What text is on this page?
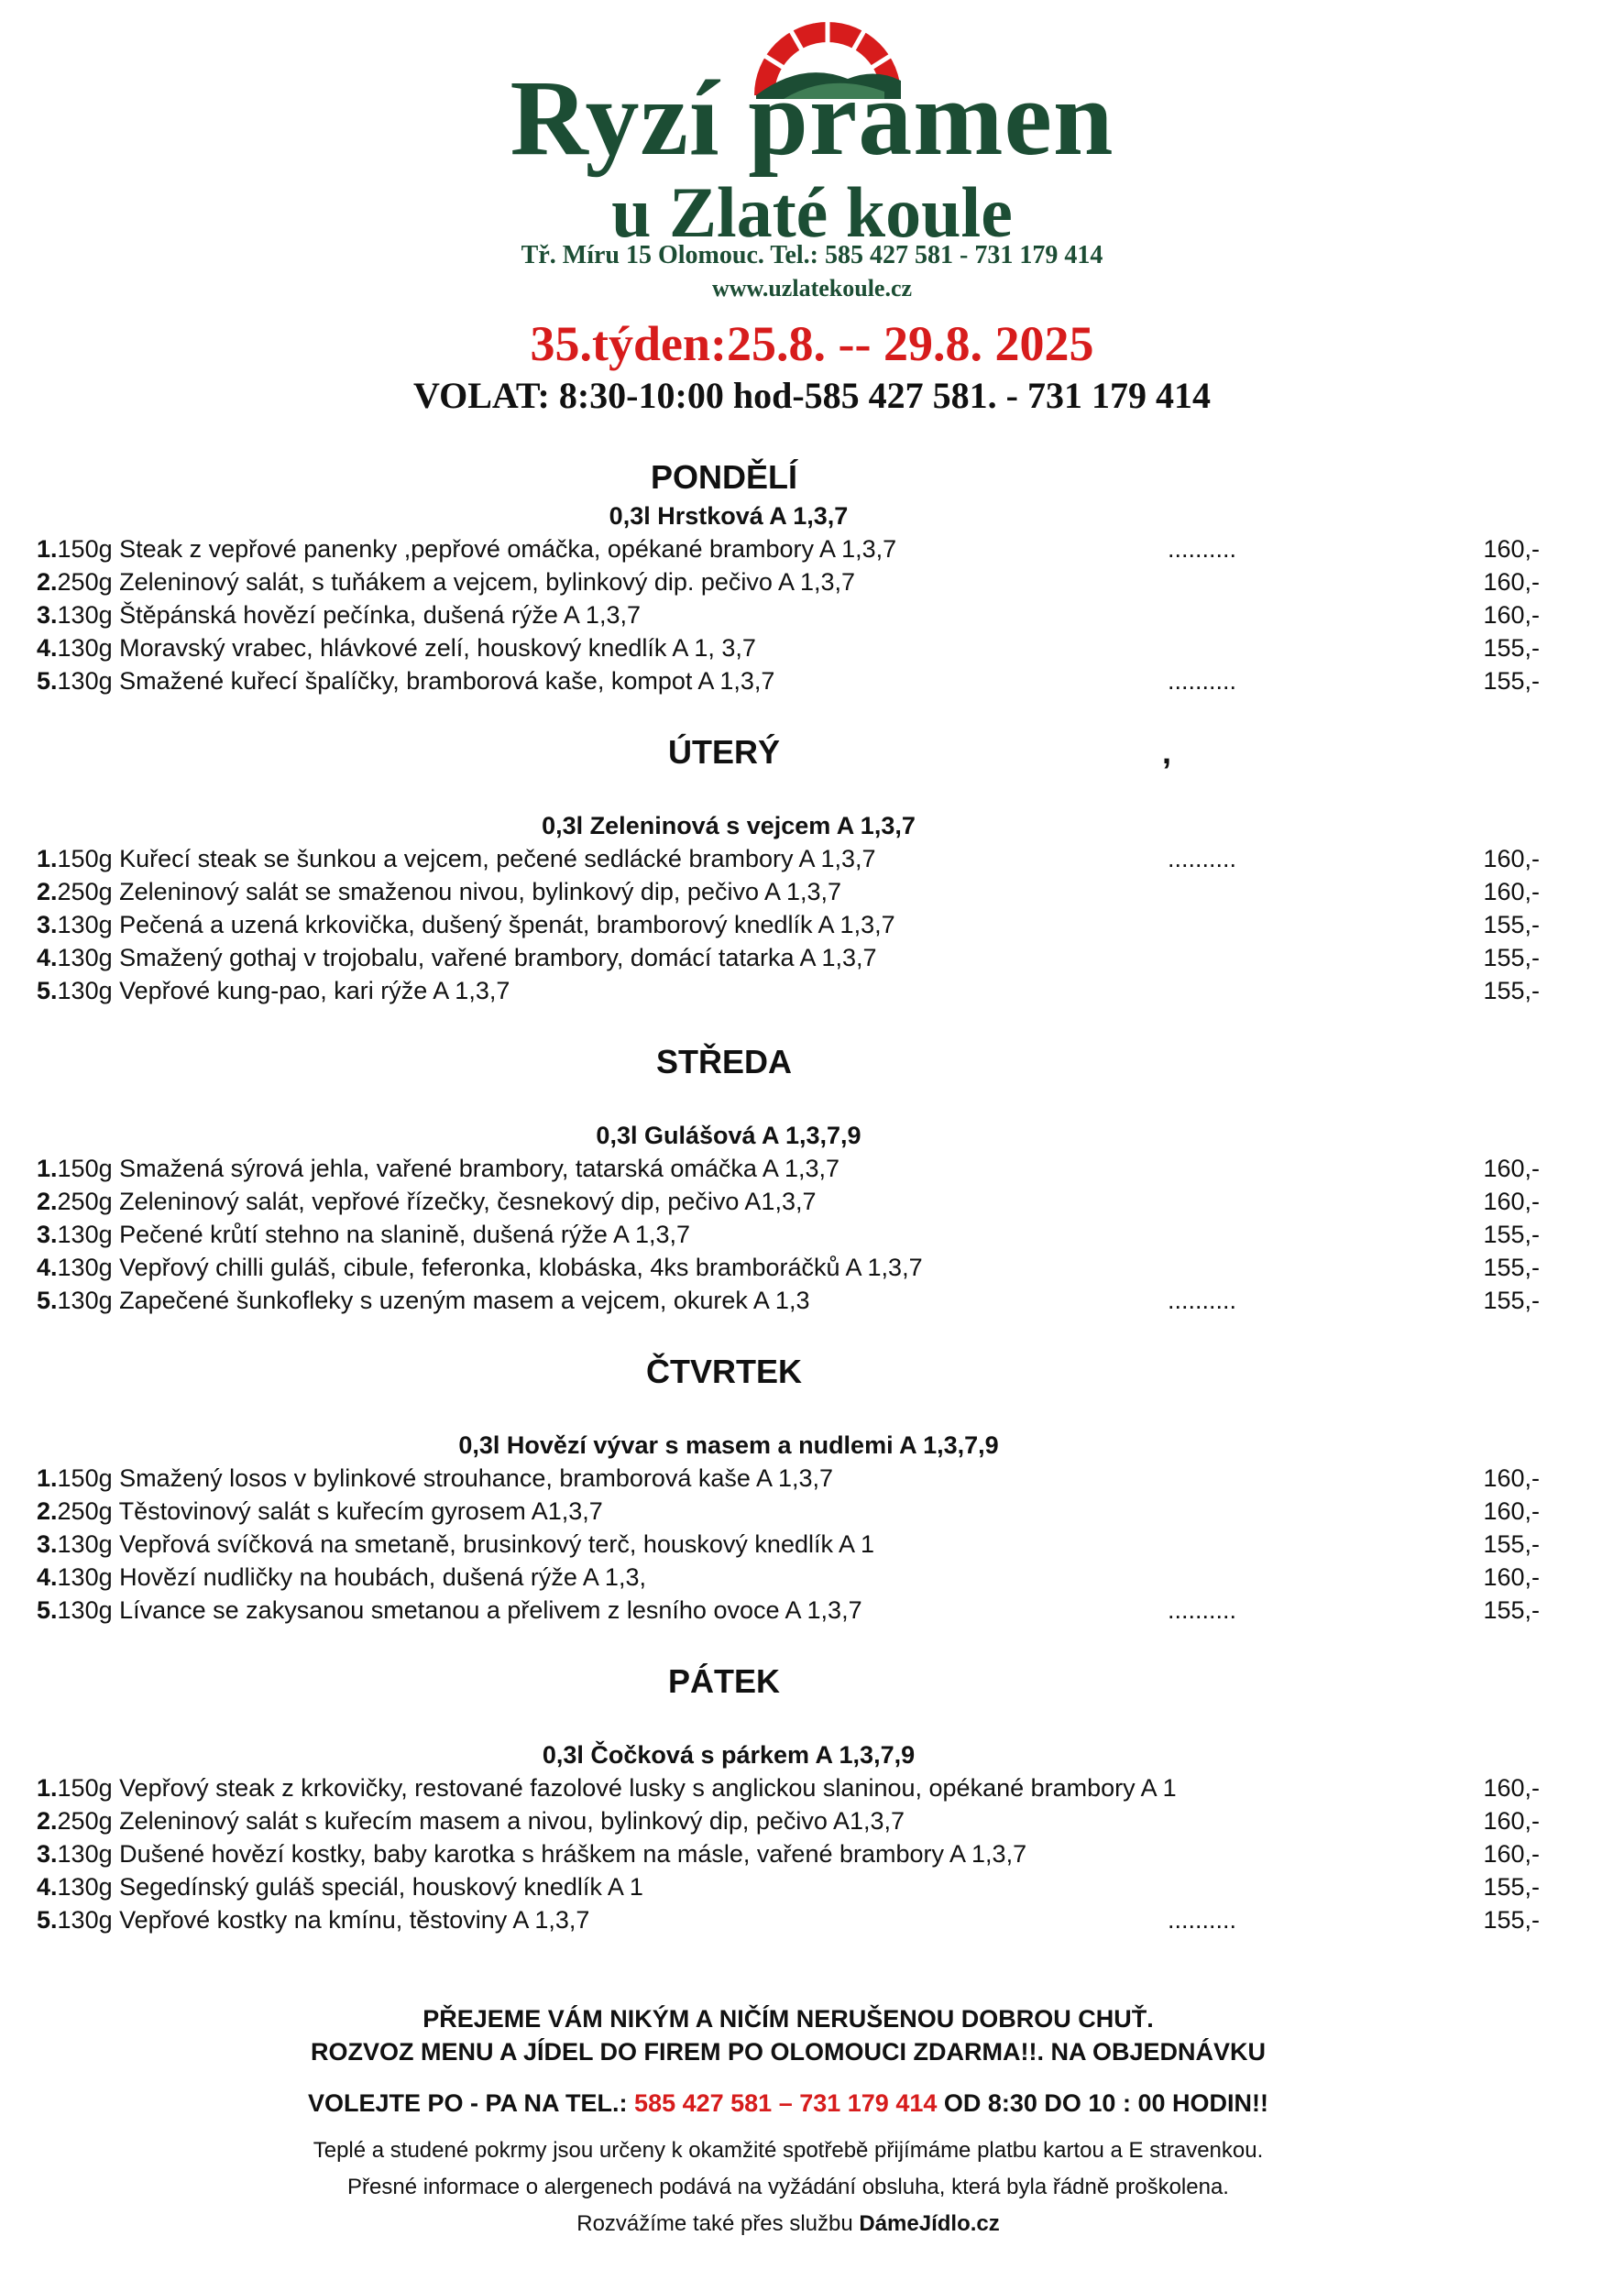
Ryzí pramen
u Zlaté koule
Tř. Míru 15 Olomouc. Tel.: 585 427 581 - 731 179 414
www.uzlatekoule.cz
35.týden:25.8. -- 29.8. 2025
VOLAT: 8:30-10:00 hod-585 427 581. - 731 179 414
PONDĚLÍ
0,3l Hrstková A 1,3,7
1.150g Steak z vepřové panenky ,pepřové omáčka, opékané brambory A 1,3,7	..........	160,-
2.250g Zeleninový salát, s tuňákem a vejcem, bylinkový dip. pečivo A 1,3,7	160,-
3.130g Štěpánská hovězí pečínka, dušená rýže A 1,3,7	160,-
4.130g Moravský vrabec, hlávkové zelí, houskový knedlík A 1, 3,7	155,-
5.130g Smažené kuřecí špalíčky, bramborová kaše, kompot A 1,3,7	..........	155,-
ÚTERÝ	,
0,3l Zeleninová s vejcem A 1,3,7
1.150g Kuřecí steak se šunkou a vejcem, pečené sedlácké brambory A 1,3,7	..........	160,-
2.250g Zeleninový salát se smaženou nivou, bylinkový dip, pečivo A 1,3,7	160,-
3.130g Pečená a uzená krkovička, dušený špenát, bramborový knedlík A 1,3,7	155,-
4.130g Smažený gothaj v trojobalu, vařené brambory, domácí tatarka A 1,3,7	155,-
5.130g Vepřové kung-pao, kari rýže A 1,3,7	155,-
STŘEDA
0,3l Gulášová A 1,3,7,9
1.150g Smažená sýrová jehla, vařené brambory, tatarská omáčka A 1,3,7	160,-
2.250g Zeleninový salát, vepřové řízečky, česnekový dip, pečivo A1,3,7	160,-
3.130g Pečené krůtí stehno na slanině, dušená rýže A 1,3,7	155,-
4.130g Vepřový chilli guláš, cibule, feferonka, klobáska, 4ks bramboráčků A 1,3,7	155,-
5.130g Zapečené šunkofleky s uzeným masem a vejcem, okurek A 1,3	..........	155,-
ČTVRTEK
0,3l Hovězí vývar s masem a nudlemi A 1,3,7,9
1.150g Smažený losos v bylinkové strouhance, bramborová kaše A 1,3,7	160,-
2.250g Těstovinový salát s kuřecím gyrosem A1,3,7	160,-
3.130g Vepřová svíčková na smetaně, brusinkový terč, houskový knedlík A 1	155,-
4.130g Hovězí nudličky na houbách, dušená rýže A 1,3,	160,-
5.130g Lívance se zakysanou smetanou a přelivem z lesního ovoce A 1,3,7	..........	155,-
PÁTEK
0,3l Čočková s párkem A 1,3,7,9
1.150g Vepřový steak z krkovičky, restované fazolové lusky s anglickou slaninou, opékané brambory A 1	160,-
2.250g Zeleninový salát s kuřecím masem a nivou, bylinkový dip, pečivo A1,3,7	160,-
3.130g Dušené hovězí kostky, baby karotka s hráškem na másle, vařené brambory A 1,3,7	160,-
4.130g Segedínský guláš speciál, houskový knedlík A 1	155,-
5.130g Vepřové kostky na kmínu, těstoviny A 1,3,7	..........	155,-
PŘEJEME VÁM NIKÝM A NIČÍM NERUŠENOU DOBROU CHUŤ.
ROZVOZ MENU A JÍDEL DO FIREM PO OLOMOUCI ZDARMA!!. NA OBJEDNÁVKU
VOLEJTE PO - PA NA TEL.: 585 427 581 – 731 179 414 OD 8:30 DO 10 : 00 HODIN!!
Teplé a studené pokrmy jsou určeny k okamžité spotřebě přijímáme platbu kartou a E stravenkou.
Přesné informace o alergenech podává na vyžádání obsluha, která byla řádně proškolena.
Rozvážíme také přes službu DámeJídlo.cz
